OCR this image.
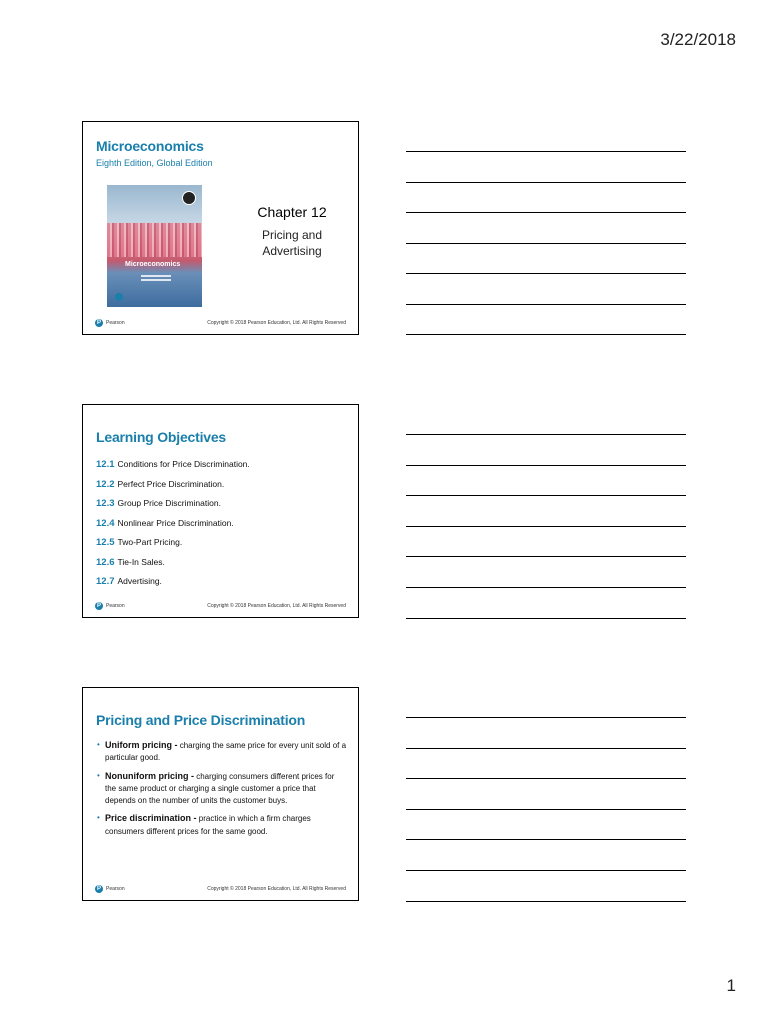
3/22/2018
Microeconomics
Eighth Edition, Global Edition
Microeconomics
Chapter 12
Pricing and
Advertising
P	Pearson	Copyright © 2018 Pearson Education, Ltd. All Rights Reserved
Learning Objectives
12.1 Conditions for Price Discrimination.
12.2 Perfect Price Discrimination.
12.3 Group Price Discrimination.
12.4 Nonlinear Price Discrimination.
12.5 Two-Part Pricing.
12.6 Tie-In Sales.
12.7 Advertising.
P	Pearson	Copyright © 2018 Pearson Education, Ltd. All Rights Reserved
Pricing and Price Discrimination
• Uniform pricing - charging the same price for every unit sold of a particular good.
• Nonuniform pricing - charging consumers different prices for the same product or charging a single customer a price that depends on the number of units the customer buys.
• Price discrimination - practice in which a firm charges consumers different prices for the same good.
P	Pearson	Copyright © 2018 Pearson Education, Ltd. All Rights Reserved
1
